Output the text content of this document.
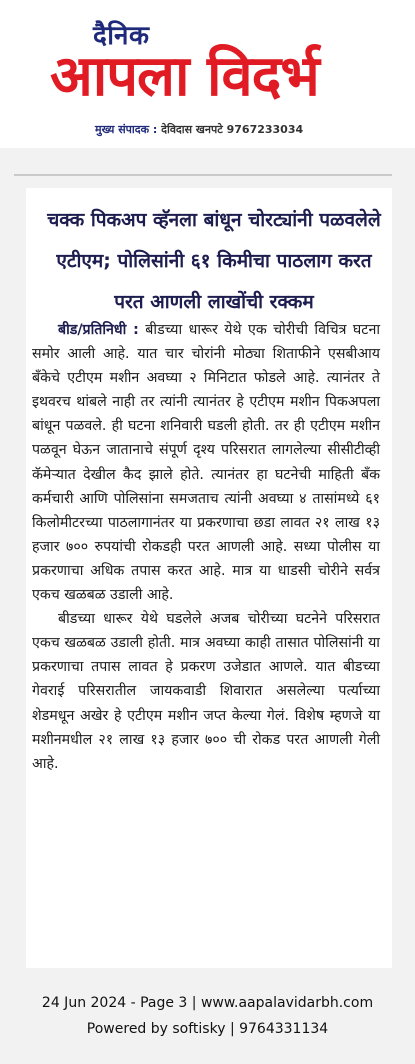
दैनिक
आपला विदर्भ
मुख्य संपादक : देविदास खनपटे 9767233034
चक्क पिकअप व्हॅनला बांधून चोरट्यांनी पळवलेले एटीएम; पोलिसांनी ६१ किमीचा पाठलाग करत परत आणली लाखोंची रक्कम

बीड/प्रतिनिधी : बीडच्या धारूर येथे एक चोरीची विचित्र घटना समोर आली आहे. यात चार चोरांनी मोठ्या शिताफीने एसबीआय बँकेचे एटीएम मशीन अवघ्या २ मिनिटात फोडले आहे. त्यानंतर ते इथवरच थांबले नाही तर त्यांनी त्यानंतर हे एटीएम मशीन पिकअपला बांधून पळवले. ही घटना शनिवारी घडली होती. तर ही एटीएम मशीन पळवून घेऊन जातानाचे संपूर्ण दृश्य परिसरात लागलेल्या सीसीटीव्ही कॅमेऱ्यात देखील कैद झाले होते. त्यानंतर हा घटनेची माहिती बँक कर्मचारी आणि पोलिसांना समजताच त्यांनी अवघ्या ४ तासांमध्ये ६१ किलोमीटरच्या पाठलागानंतर या प्रकरणाचा छडा लावत २१ लाख १३ हजार ७०० रुपयांची रोकडही परत आणली आहे. सध्या पोलीस या प्रकरणाचा अधिक तपास करत आहे. मात्र या धाडसी चोरीने सर्वत्र एकच खळबळ उडाली आहे.

बीडच्या धारूर येथे घडलेले अजब चोरीच्या घटनेने परिसरात एकच खळबळ उडाली होती. मात्र अवघ्या काही तासात पोलिसांनी या प्रकरणाचा तपास लावत हे प्रकरण उजेडात आणले. यात बीडच्या गेवराई परिसरातील जायकवाडी शिवारात असलेल्या पर्त्याच्या शेडमधून अखेर हे एटीएम मशीन जप्त केल्या गेलं. विशेष म्हणजे या मशीनमधील २१ लाख १३ हजार ७०० ची रोकड परत आणली गेली आहे.

24 Jun 2024 - Page 3 | www.aapalavidarbh.com
Powered by softisky | 9764331134
